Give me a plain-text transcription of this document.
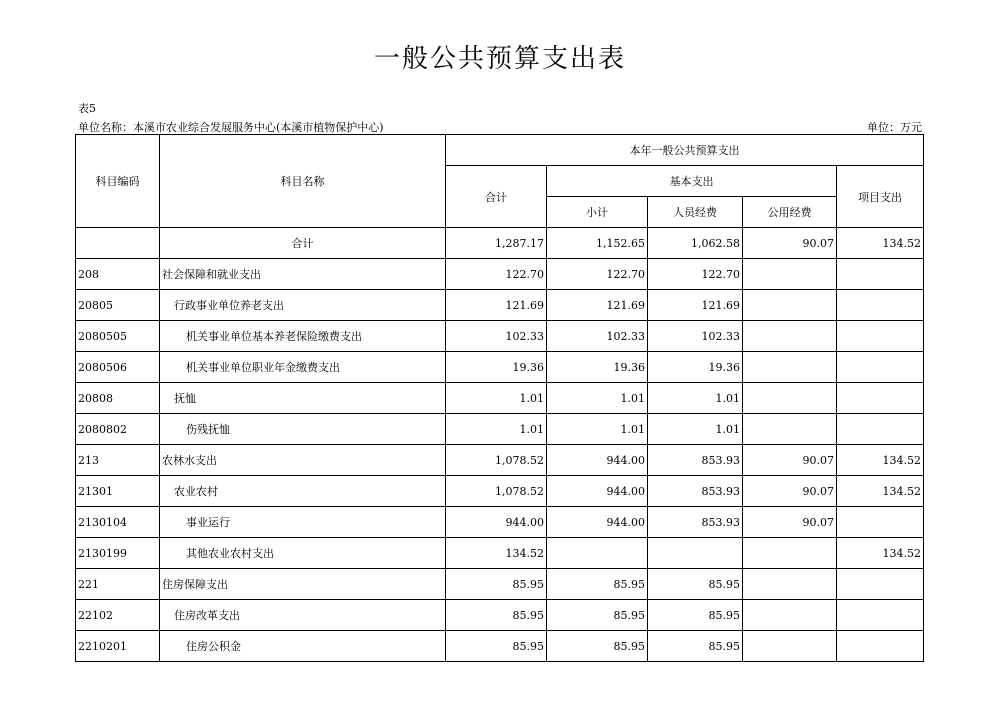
一般公共预算支出表
表5
单位名称：本溪市农业综合发展服务中心(本溪市植物保护中心)	单位：万元
科目编码	科目名称	本年一般公共预算支出				
		合计	基本支出			项目支出
			小计	人员经费	公用经费	
	合计	1,287.17	1,152.65	1,062.58	90.07	134.52
208	社会保障和就业支出	122.70	122.70	122.70		
20805	行政事业单位养老支出	121.69	121.69	121.69		
2080505	机关事业单位基本养老保险缴费支出	102.33	102.33	102.33		
2080506	机关事业单位职业年金缴费支出	19.36	19.36	19.36		
20808	抚恤	1.01	1.01	1.01		
2080802	伤残抚恤	1.01	1.01	1.01		
213	农林水支出	1,078.52	944.00	853.93	90.07	134.52
21301	农业农村	1,078.52	944.00	853.93	90.07	134.52
2130104	事业运行	944.00	944.00	853.93	90.07	
2130199	其他农业农村支出	134.52				134.52
221	住房保障支出	85.95	85.95	85.95		
22102	住房改革支出	85.95	85.95	85.95		
2210201	住房公积金	85.95	85.95	85.95		
